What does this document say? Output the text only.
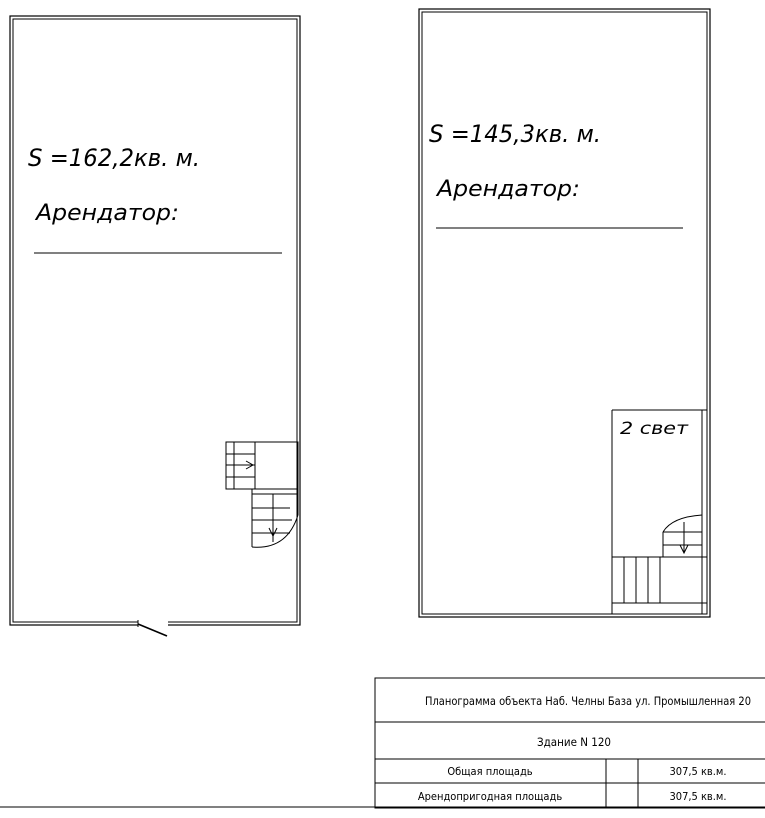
S =162,2кв. м.
Арендатор:
S =145,3кв. м.
Арендатор:
2 свет
Планограмма объекта Наб. Челны База ул. Промышленная 20
Здание N 120
Общая площадь	307,5 кв.м.
Арендопригодная площадь	307,5 кв.м.
